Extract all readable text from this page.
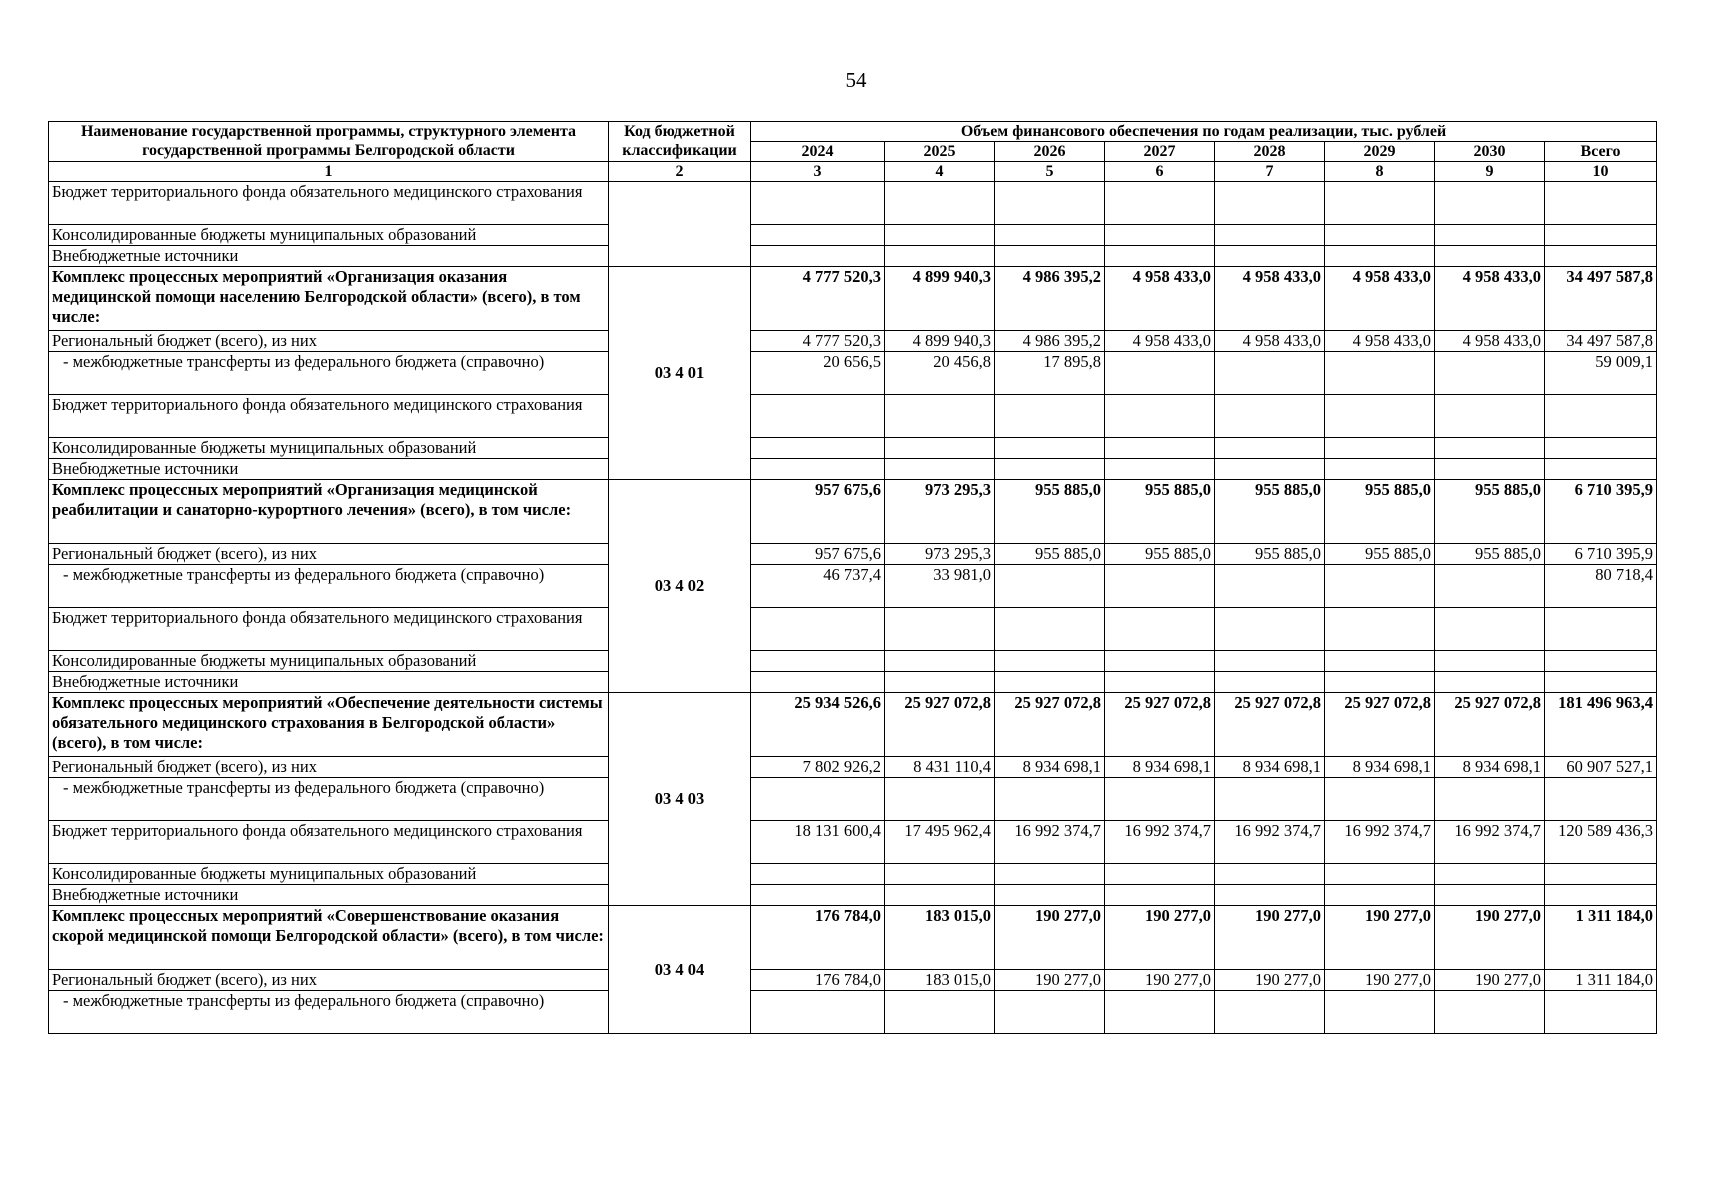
54
Наименование государственной программы, структурного элемента государственной программы Белгородской области	Код бюджетной классификации	Объем финансового обеспечения по годам реализации, тыс. рублей							
		2024	2025	2026	2027	2028	2029	2030	Всего
1	2	3	4	5	6	7	8	9	10
Бюджет территориального фонда обязательного медицинского страхования									
Консолидированные бюджеты муниципальных образований									
Внебюджетные источники									
Комплекс процессных мероприятий «Организация оказания медицинской помощи населению Белгородской области» (всего), в том числе:	03 4 01	4 777 520,3	4 899 940,3	4 986 395,2	4 958 433,0	4 958 433,0	4 958 433,0	4 958 433,0	34 497 587,8
Региональный бюджет (всего), из них		4 777 520,3	4 899 940,3	4 986 395,2	4 958 433,0	4 958 433,0	4 958 433,0	4 958 433,0	34 497 587,8
- межбюджетные трансферты из федерального бюджета (справочно)		20 656,5	20 456,8	17 895,8					59 009,1
Бюджет территориального фонда обязательного медицинского страхования									
Консолидированные бюджеты муниципальных образований									
Внебюджетные источники									
Комплекс процессных мероприятий «Организация медицинской реабилитации и санаторно-курортного лечения» (всего), в том числе:	03 4 02	957 675,6	973 295,3	955 885,0	955 885,0	955 885,0	955 885,0	955 885,0	6 710 395,9
Региональный бюджет (всего), из них		957 675,6	973 295,3	955 885,0	955 885,0	955 885,0	955 885,0	955 885,0	6 710 395,9
- межбюджетные трансферты из федерального бюджета (справочно)		46 737,4	33 981,0						80 718,4
Бюджет территориального фонда обязательного медицинского страхования									
Консолидированные бюджеты муниципальных образований									
Внебюджетные источники									
Комплекс процессных мероприятий «Обеспечение деятельности системы обязательного медицинского страхования в Белгородской области» (всего), в том числе:	03 4 03	25 934 526,6	25 927 072,8	25 927 072,8	25 927 072,8	25 927 072,8	25 927 072,8	25 927 072,8	181 496 963,4
Региональный бюджет (всего), из них		7 802 926,2	8 431 110,4	8 934 698,1	8 934 698,1	8 934 698,1	8 934 698,1	8 934 698,1	60 907 527,1
- межбюджетные трансферты из федерального бюджета (справочно)									
Бюджет территориального фонда обязательного медицинского страхования		18 131 600,4	17 495 962,4	16 992 374,7	16 992 374,7	16 992 374,7	16 992 374,7	16 992 374,7	120 589 436,3
Консолидированные бюджеты муниципальных образований									
Внебюджетные источники									
Комплекс процессных мероприятий «Совершенствование оказания скорой медицинской помощи Белгородской области» (всего), в том числе:	03 4 04	176 784,0	183 015,0	190 277,0	190 277,0	190 277,0	190 277,0	190 277,0	1 311 184,0
Региональный бюджет (всего), из них		176 784,0	183 015,0	190 277,0	190 277,0	190 277,0	190 277,0	190 277,0	1 311 184,0
- межбюджетные трансферты из федерального бюджета (справочно)									
